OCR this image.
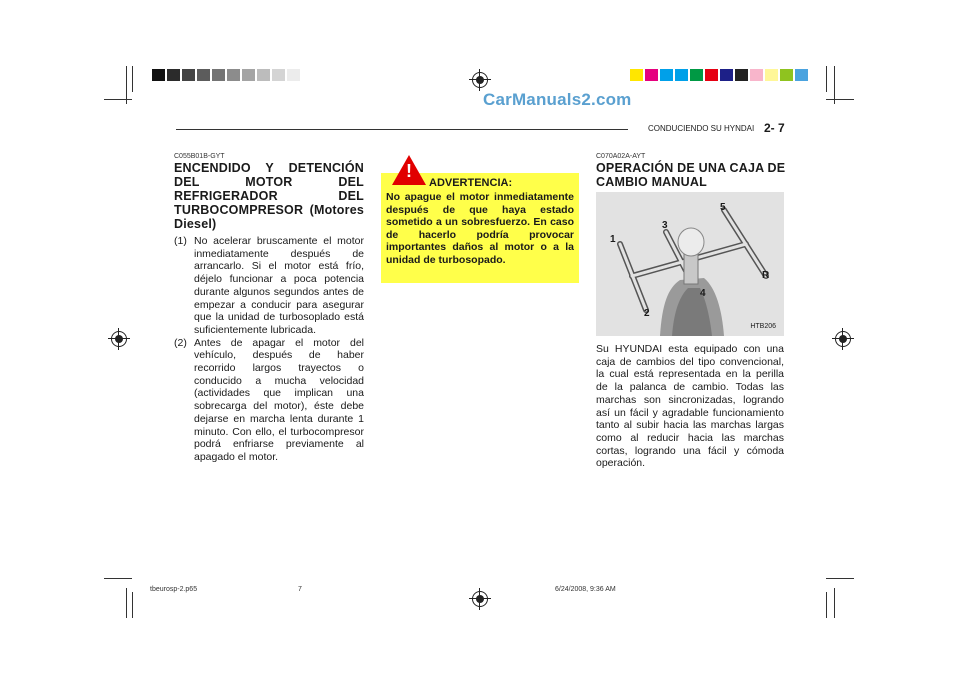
CarManuals2.com
CONDUCIENDO SU HYNDAI 2- 7
C055B01B-GYT
ENCENDIDO Y DETENCIÓN DEL MOTOR DEL REFRIGERADOR DEL TURBOCOMPRESOR (Motores Diesel)
(1) No acelerar bruscamente el motor inmediatamente después de arrancarlo. Si el motor está frío, déjelo funcionar a poca potencia durante algunos segundos antes de empezar a conducir para asegurar que la unidad de turbosoplado está suficientemente lubricada.
(2) Antes de apagar el motor del vehículo, después de haber recorrido largos trayectos o conducido a mucha velocidad (actividades que implican una sobrecarga del motor), éste debe dejarse en marcha lenta durante 1 minuto. Con ello, el turbocompresor podrá enfriarse previamente al apagado el motor.
ADVERTENCIA:
No apague el motor inmediatamente después de que haya estado sometido a un sobresfuerzo. En caso de hacerlo podría provocar importantes daños al motor o a la unidad de turbosopado.
!
C070A02A-AYT
OPERACIÓN DE UNA CAJA DE CAMBIO MANUAL
1
2
3
4
5
R
HTB206
Su HYUNDAI esta equipado con una caja de cambios del tipo convencional, la cual está representada en la perilla de la palanca de cambio. Todas las marchas son sincronizadas, logrando así un fácil y agradable funcionamiento tanto al subir hacia las marchas largas como al reducir hacia las marchas cortas, logrando una fácil y cómoda operación.
tbeurosp-2.p65	7	6/24/2008, 9:36 AM
